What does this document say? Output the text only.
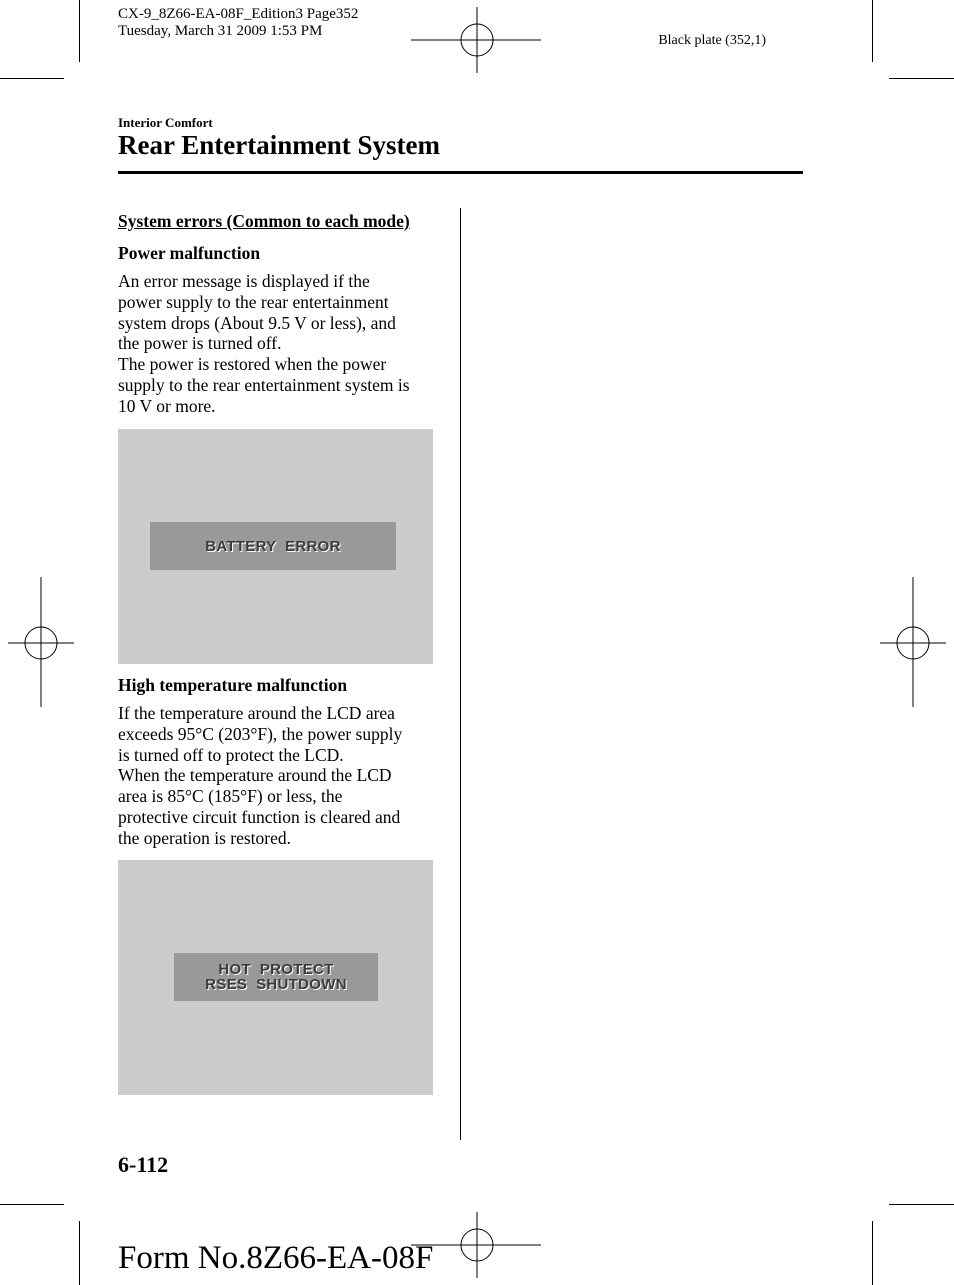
CX-9_8Z66-EA-08F_Edition3 Page352
Tuesday, March 31 2009 1:53 PM
Black plate (352,1)
Interior Comfort
Rear Entertainment System
System errors (Common to each mode)
Power malfunction
An error message is displayed if the
power supply to the rear entertainment
system drops (About 9.5 V or less), and
the power is turned off.
The power is restored when the power
supply to the rear entertainment system is
10 V or more.
BATTERY  ERROR
High temperature malfunction
If the temperature around the LCD area
exceeds 95°C (203°F), the power supply
is turned off to protect the LCD.
When the temperature around the LCD
area is 85°C (185°F) or less, the
protective circuit function is cleared and
the operation is restored.
HOT  PROTECT
RSES  SHUTDOWN
6-112
Form No.8Z66-EA-08F
